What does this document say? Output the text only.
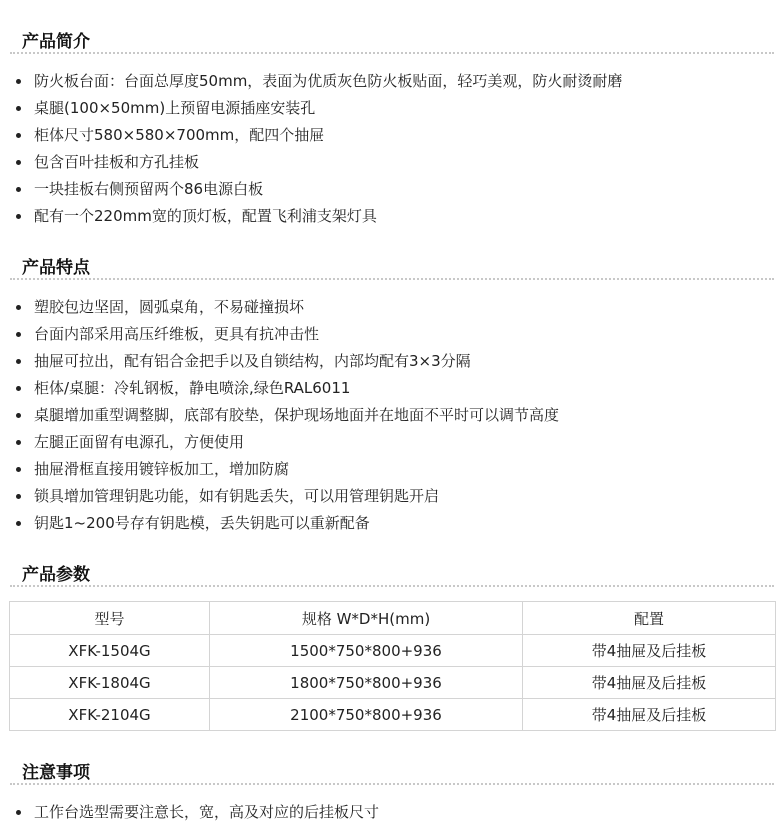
产品简介
防火板台面：台面总厚度50mm，表面为优质灰色防火板贴面，轻巧美观，防火耐烫耐磨
桌腿(100×50mm)上预留电源插座安装孔
柜体尺寸580×580×700mm，配四个抽屉
包含百叶挂板和方孔挂板
一块挂板右侧预留两个86电源白板
配有一个220mm宽的顶灯板，配置飞利浦支架灯具
产品特点
塑胶包边坚固，圆弧桌角，不易碰撞损坏
台面内部采用高压纤维板，更具有抗冲击性
抽屉可拉出，配有铝合金把手以及自锁结构，内部均配有3×3分隔
柜体/桌腿：冷轧钢板，静电喷涂,绿色RAL6011
桌腿增加重型调整脚，底部有胶垫，保护现场地面并在地面不平时可以调节高度
左腿正面留有电源孔，方便使用
抽屉滑框直接用镀锌板加工，增加防腐
锁具增加管理钥匙功能，如有钥匙丢失，可以用管理钥匙开启
钥匙1~200号存有钥匙模，丢失钥匙可以重新配备
产品参数
型号	规格 W*D*H(mm)	配置
XFK-1504G	1500*750*800+936	带4抽屉及后挂板
XFK-1804G	1800*750*800+936	带4抽屉及后挂板
XFK-2104G	2100*750*800+936	带4抽屉及后挂板
注意事项
工作台选型需要注意长，宽，高及对应的后挂板尺寸
